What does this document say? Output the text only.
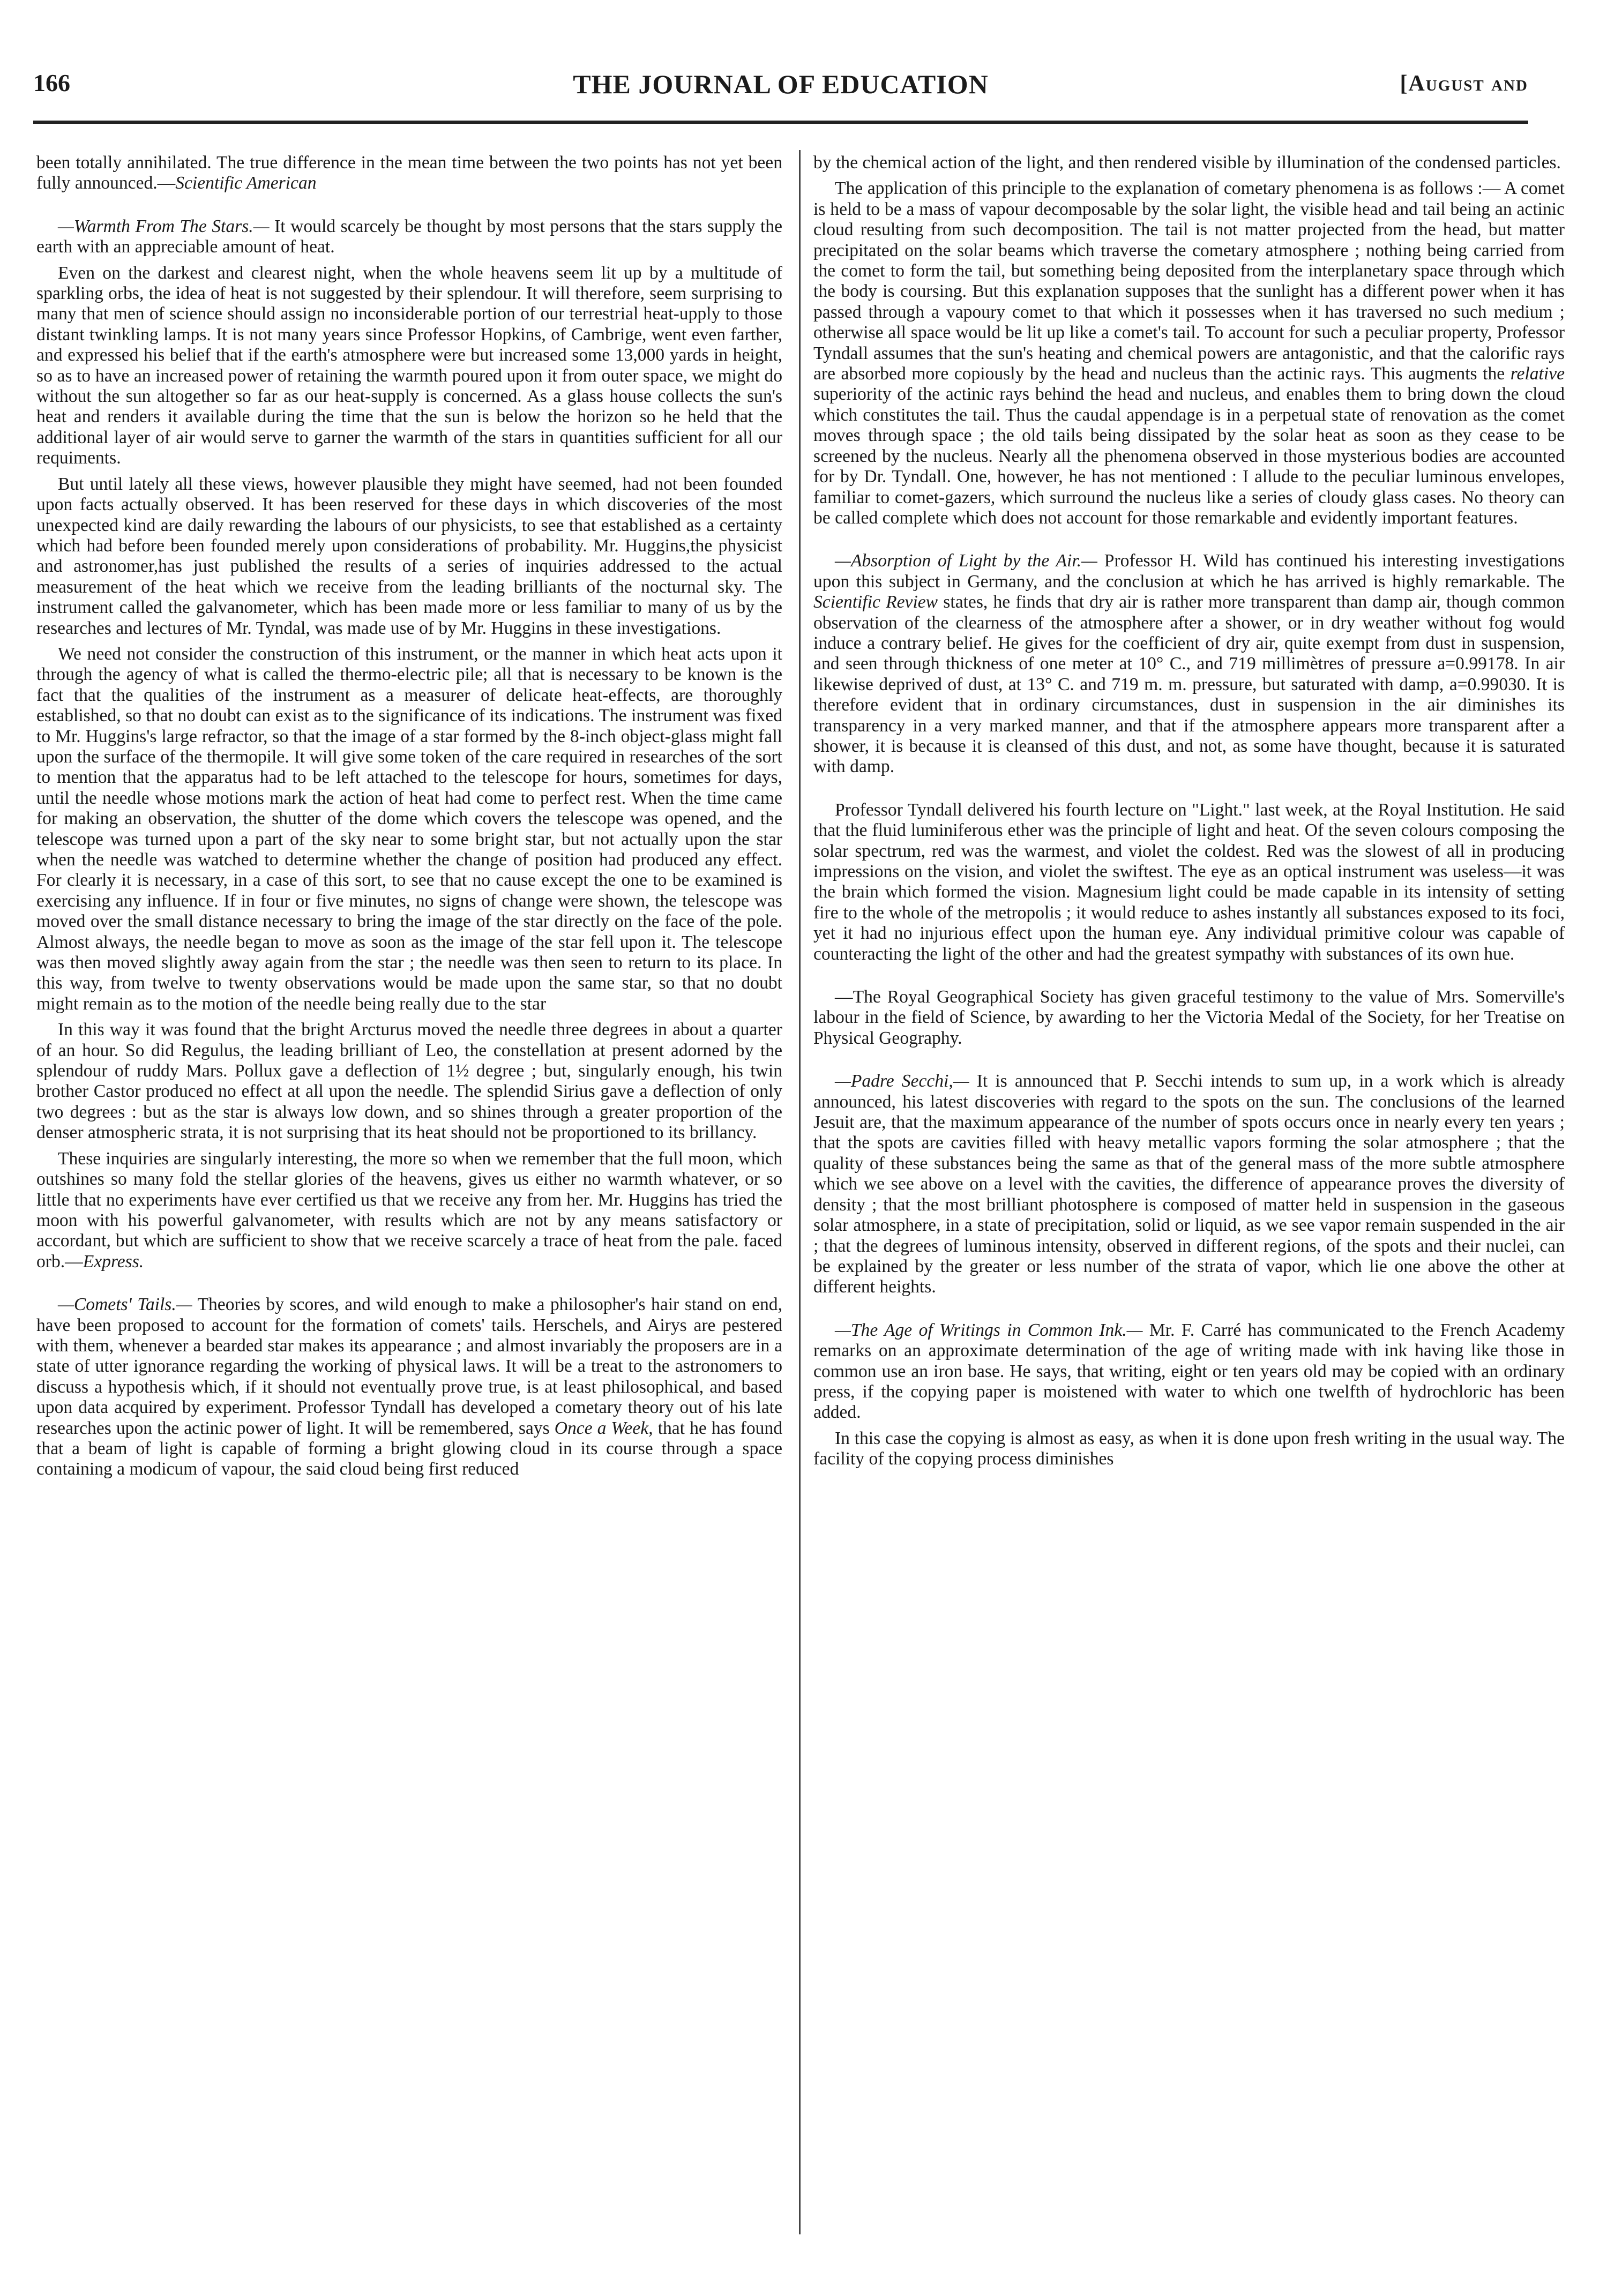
166	THE JOURNAL OF EDUCATION	[August and

been totally annihilated. The true difference in the mean time between the two points has not yet been fully announced.—Scientific American

—Warmth From The Stars.— It would scarcely be thought by most persons that the stars supply the earth with an appreciable amount of heat.

Even on the darkest and clearest night, when the whole heavens seem lit up by a multitude of sparkling orbs, the idea of heat is not suggested by their splendour. It will therefore, seem surprising to many that men of science should assign no inconsiderable portion of our terrestrial heat-upply to those distant twinkling lamps. It is not many years since Professor Hopkins, of Cambrige, went even farther, and expressed his belief that if the earth's atmosphere were but increased some 13,000 yards in height, so as to have an increased power of retaining the warmth poured upon it from outer space, we might do without the sun altogether so far as our heat-supply is concerned. As a glass house collects the sun's heat and renders it available during the time that the sun is below the horizon so he held that the additional layer of air would serve to garner the warmth of the stars in quantities sufficient for all our requiments.

But until lately all these views, however plausible they might have seemed, had not been founded upon facts actually observed. It has been reserved for these days in which discoveries of the most unexpected kind are daily rewarding the labours of our physicists, to see that established as a certainty which had before been founded merely upon considerations of probability. Mr. Huggins,the physicist and astronomer,has just published the results of a series of inquiries addressed to the actual measurement of the heat which we receive from the leading brilliants of the nocturnal sky. The instrument called the galvanometer, which has been made more or less familiar to many of us by the researches and lectures of Mr. Tyndal, was made use of by Mr. Huggins in these investigations.

We need not consider the construction of this instrument, or the manner in which heat acts upon it through the agency of what is called the thermo-electric pile; all that is necessary to be known is the fact that the qualities of the instrument as a measurer of delicate heat-effects, are thoroughly established, so that no doubt can exist as to the significance of its indications. The instrument was fixed to Mr. Huggins's large refractor, so that the image of a star formed by the 8-inch object-glass might fall upon the surface of the thermopile. It will give some token of the care required in researches of the sort to mention that the apparatus had to be left attached to the telescope for hours, sometimes for days, until the needle whose motions mark the action of heat had come to perfect rest. When the time came for making an observation, the shutter of the dome which covers the telescope was opened, and the telescope was turned upon a part of the sky near to some bright star, but not actually upon the star when the needle was watched to determine whether the change of position had produced any effect. For clearly it is necessary, in a case of this sort, to see that no cause except the one to be examined is exercising any influence. If in four or five minutes, no signs of change were shown, the telescope was moved over the small distance necessary to bring the image of the star directly on the face of the pole. Almost always, the needle began to move as soon as the image of the star fell upon it. The telescope was then moved slightly away again from the star ; the needle was then seen to return to its place. In this way, from twelve to twenty observations would be made upon the same star, so that no doubt might remain as to the motion of the needle being really due to the star

In this way it was found that the bright Arcturus moved the needle three degrees in about a quarter of an hour. So did Regulus, the leading brilliant of Leo, the constellation at present adorned by the splendour of ruddy Mars. Pollux gave a deflection of 1½ degree ; but, singularly enough, his twin brother Castor produced no effect at all upon the needle. The splendid Sirius gave a deflection of only two degrees : but as the star is always low down, and so shines through a greater proportion of the denser atmospheric strata, it is not surprising that its heat should not be proportioned to its brillancy.

These inquiries are singularly interesting, the more so when we remember that the full moon, which outshines so many fold the stellar glories of the heavens, gives us either no warmth whatever, or so little that no experiments have ever certified us that we receive any from her. Mr. Huggins has tried the moon with his powerful galvanometer, with results which are not by any means satisfactory or accordant, but which are sufficient to show that we receive scarcely a trace of heat from the pale. faced orb.—Express.

—Comets' Tails.— Theories by scores, and wild enough to make a philosopher's hair stand on end, have been proposed to account for the formation of comets' tails. Herschels, and Airys are pestered with them, whenever a bearded star makes its appearance ; and almost invariably the proposers are in a state of utter ignorance regarding the working of physical laws. It will be a treat to the astronomers to discuss a hypothesis which, if it should not eventually prove true, is at least philosophical, and based upon data acquired by experiment. Professor Tyndall has developed a cometary theory out of his late researches upon the actinic power of light. It will be remembered, says Once a Week, that he has found that a beam of light is capable of forming a bright glowing cloud in its course through a space containing a modicum of vapour, the said cloud being first reduced

by the chemical action of the light, and then rendered visible by illumination of the condensed particles.

The application of this principle to the explanation of cometary phenomena is as follows :— A comet is held to be a mass of vapour decomposable by the solar light, the visible head and tail being an actinic cloud resulting from such decomposition. The tail is not matter projected from the head, but matter precipitated on the solar beams which traverse the cometary atmosphere ; nothing being carried from the comet to form the tail, but something being deposited from the interplanetary space through which the body is coursing. But this explanation supposes that the sunlight has a different power when it has passed through a vapoury comet to that which it possesses when it has traversed no such medium ; otherwise all space would be lit up like a comet's tail. To account for such a peculiar property, Professor Tyndall assumes that the sun's heating and chemical powers are antagonistic, and that the calorific rays are absorbed more copiously by the head and nucleus than the actinic rays. This augments the relative superiority of the actinic rays behind the head and nucleus, and enables them to bring down the cloud which constitutes the tail. Thus the caudal appendage is in a perpetual state of renovation as the comet moves through space ; the old tails being dissipated by the solar heat as soon as they cease to be screened by the nucleus. Nearly all the phenomena observed in those mysterious bodies are accounted for by Dr. Tyndall. One, however, he has not mentioned : I allude to the peculiar luminous envelopes, familiar to comet-gazers, which surround the nucleus like a series of cloudy glass cases. No theory can be called complete which does not account for those remarkable and evidently important features.

—Absorption of Light by the Air.— Professor H. Wild has continued his interesting investigations upon this subject in Germany, and the conclusion at which he has arrived is highly remarkable. The Scientific Review states, he finds that dry air is rather more transparent than damp air, though common observation of the clearness of the atmosphere after a shower, or in dry weather without fog would induce a contrary belief. He gives for the coefficient of dry air, quite exempt from dust in suspension, and seen through thickness of one meter at 10° C., and 719 millimètres of pressure a=0.99178. In air likewise deprived of dust, at 13° C. and 719 m. m. pressure, but saturated with damp, a=0.99030. It is therefore evident that in ordinary circumstances, dust in suspension in the air diminishes its transparency in a very marked manner, and that if the atmosphere appears more transparent after a shower, it is because it is cleansed of this dust, and not, as some have thought, because it is saturated with damp.

Professor Tyndall delivered his fourth lecture on "Light." last week, at the Royal Institution. He said that the fluid luminiferous ether was the principle of light and heat. Of the seven colours composing the solar spectrum, red was the warmest, and violet the coldest. Red was the slowest of all in producing impressions on the vision, and violet the swiftest. The eye as an optical instrument was useless—it was the brain which formed the vision. Magnesium light could be made capable in its intensity of setting fire to the whole of the metropolis ; it would reduce to ashes instantly all substances exposed to its foci, yet it had no injurious effect upon the human eye. Any individual primitive colour was capable of counteracting the light of the other and had the greatest sympathy with substances of its own hue.

—The Royal Geographical Society has given graceful testimony to the value of Mrs. Somerville's labour in the field of Science, by awarding to her the Victoria Medal of the Society, for her Treatise on Physical Geography.

—Padre Secchi,— It is announced that P. Secchi intends to sum up, in a work which is already announced, his latest discoveries with regard to the spots on the sun. The conclusions of the learned Jesuit are, that the maximum appearance of the number of spots occurs once in nearly every ten years ; that the spots are cavities filled with heavy metallic vapors forming the solar atmosphere ; that the quality of these substances being the same as that of the general mass of the more subtle atmosphere which we see above on a level with the cavities, the difference of appearance proves the diversity of density ; that the most brilliant photosphere is composed of matter held in suspension in the gaseous solar atmosphere, in a state of precipitation, solid or liquid, as we see vapor remain suspended in the air ; that the degrees of luminous intensity, observed in different regions, of the spots and their nuclei, can be explained by the greater or less number of the strata of vapor, which lie one above the other at different heights.

—The Age of Writings in Common Ink.— Mr. F. Carré has communicated to the French Academy remarks on an approximate determination of the age of writing made with ink having like those in common use an iron base. He says, that writing, eight or ten years old may be copied with an ordinary press, if the copying paper is moistened with water to which one twelfth of hydrochloric has been added.

In this case the copying is almost as easy, as when it is done upon fresh writing in the usual way. The facility of the copying process diminishes
